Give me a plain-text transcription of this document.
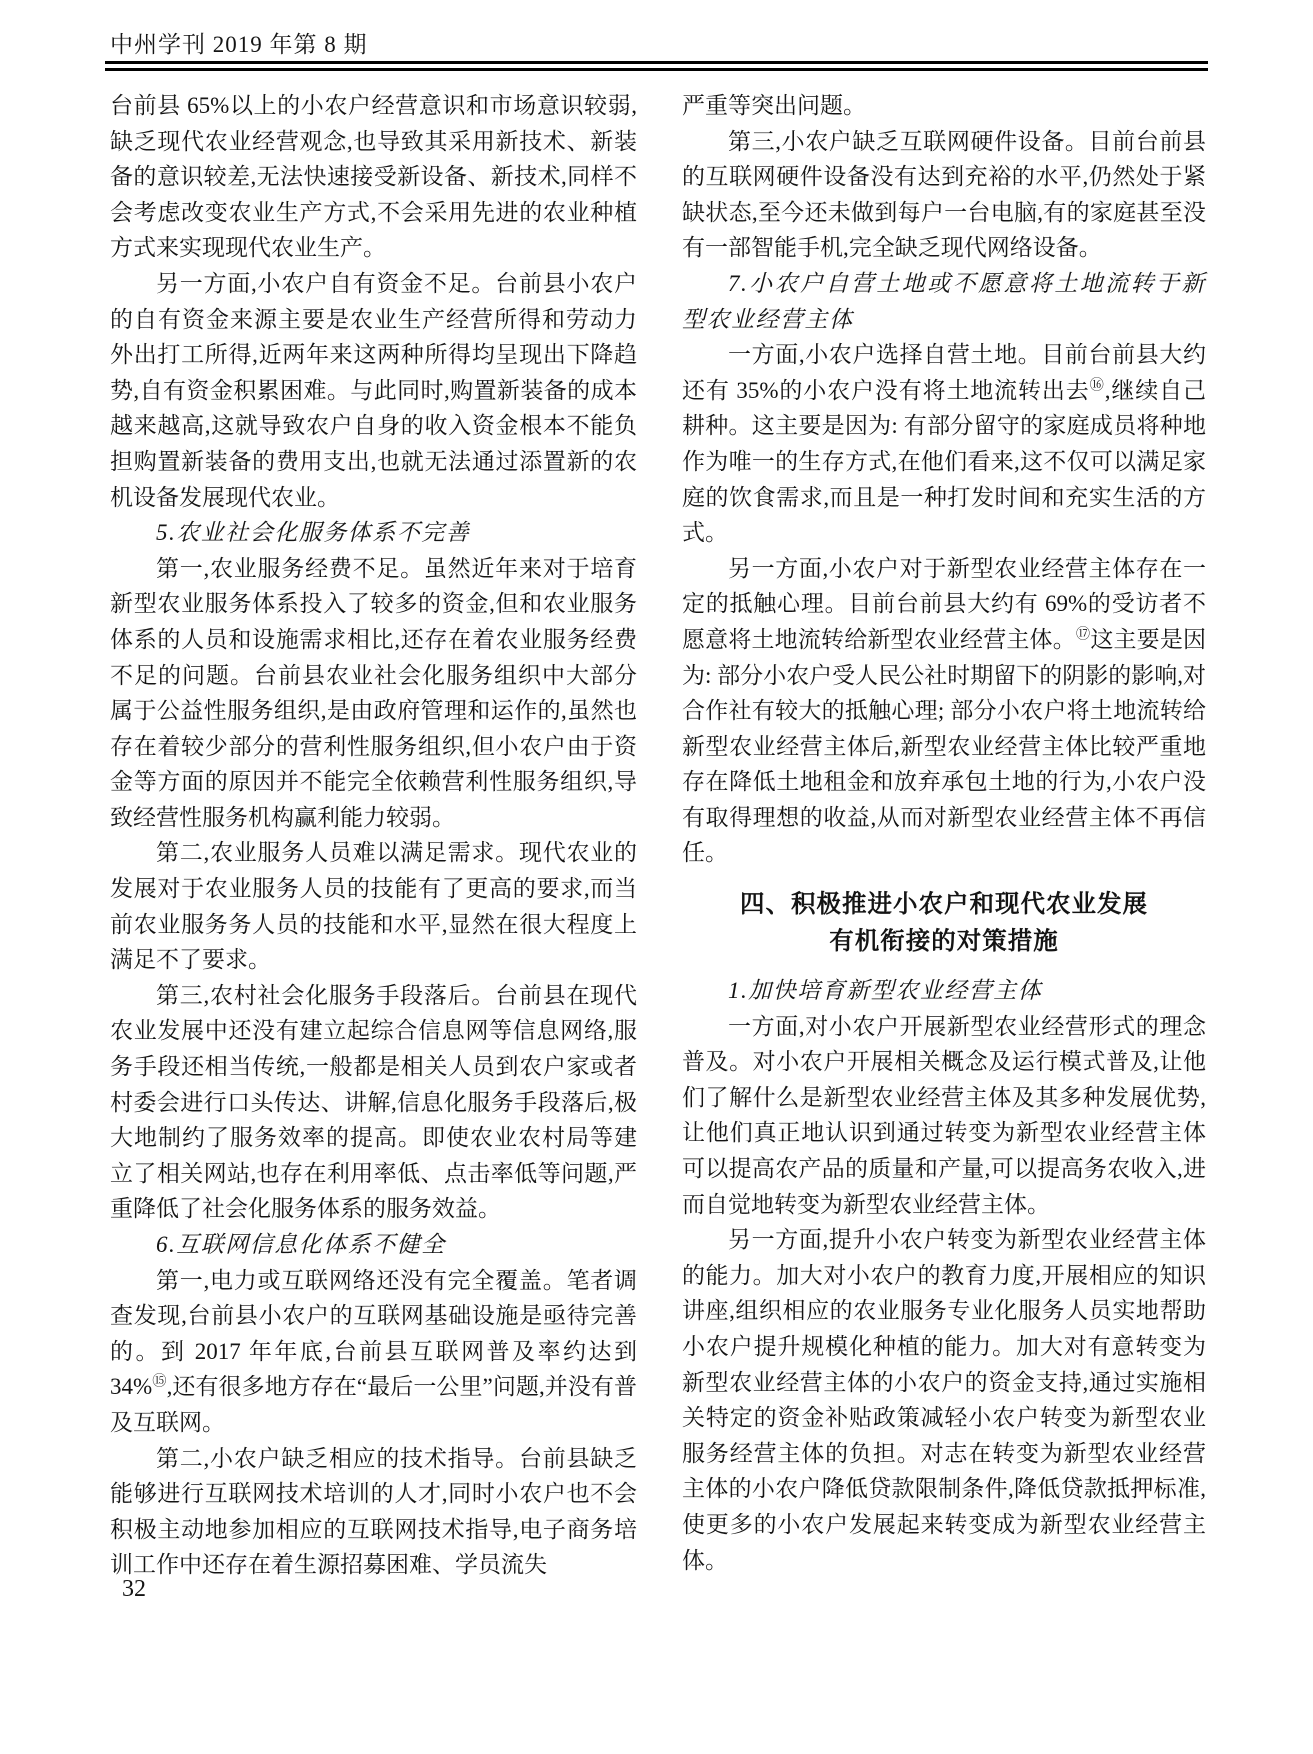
中州学刊 2019 年第 8 期

台前县 65%以上的小农户经营意识和市场意识较弱,缺乏现代农业经营观念,也导致其采用新技术、新装备的意识较差,无法快速接受新设备、新技术,同样不会考虑改变农业生产方式,不会采用先进的农业种植方式来实现现代农业生产。

另一方面,小农户自有资金不足。台前县小农户的自有资金来源主要是农业生产经营所得和劳动力外出打工所得,近两年来这两种所得均呈现出下降趋势,自有资金积累困难。与此同时,购置新装备的成本越来越高,这就导致农户自身的收入资金根本不能负担购置新装备的费用支出,也就无法通过添置新的农机设备发展现代农业。

5.农业社会化服务体系不完善

第一,农业服务经费不足。虽然近年来对于培育新型农业服务体系投入了较多的资金,但和农业服务体系的人员和设施需求相比,还存在着农业服务经费不足的问题。台前县农业社会化服务组织中大部分属于公益性服务组织,是由政府管理和运作的,虽然也存在着较少部分的营利性服务组织,但小农户由于资金等方面的原因并不能完全依赖营利性服务组织,导致经营性服务机构赢利能力较弱。

第二,农业服务人员难以满足需求。现代农业的发展对于农业服务人员的技能有了更高的要求,而当前农业服务务人员的技能和水平,显然在很大程度上满足不了要求。

第三,农村社会化服务手段落后。台前县在现代农业发展中还没有建立起综合信息网等信息网络,服务手段还相当传统,一般都是相关人员到农户家或者村委会进行口头传达、讲解,信息化服务手段落后,极大地制约了服务效率的提高。即使农业农村局等建立了相关网站,也存在利用率低、点击率低等问题,严重降低了社会化服务体系的服务效益。

6.互联网信息化体系不健全

第一,电力或互联网络还没有完全覆盖。笔者调查发现,台前县小农户的互联网基础设施是亟待完善的。到 2017 年年底,台前县互联网普及率约达到 34%⑮,还有很多地方存在“最后一公里”问题,并没有普及互联网。

第二,小农户缺乏相应的技术指导。台前县缺乏能够进行互联网技术培训的人才,同时小农户也不会积极主动地参加相应的互联网技术指导,电子商务培训工作中还存在着生源招募困难、学员流失

严重等突出问题。

第三,小农户缺乏互联网硬件设备。目前台前县的互联网硬件设备没有达到充裕的水平,仍然处于紧缺状态,至今还未做到每户一台电脑,有的家庭甚至没有一部智能手机,完全缺乏现代网络设备。

7.小农户自营土地或不愿意将土地流转于新型农业经营主体

一方面,小农户选择自营土地。目前台前县大约还有 35%的小农户没有将土地流转出去⑯,继续自己耕种。这主要是因为: 有部分留守的家庭成员将种地作为唯一的生存方式,在他们看来,这不仅可以满足家庭的饮食需求,而且是一种打发时间和充实生活的方式。

另一方面,小农户对于新型农业经营主体存在一定的抵触心理。目前台前县大约有 69%的受访者不愿意将土地流转给新型农业经营主体。⑰这主要是因为: 部分小农户受人民公社时期留下的阴影的影响,对合作社有较大的抵触心理; 部分小农户将土地流转给新型农业经营主体后,新型农业经营主体比较严重地存在降低土地租金和放弃承包土地的行为,小农户没有取得理想的收益,从而对新型农业经营主体不再信任。

四、积极推进小农户和现代农业发展
有机衔接的对策措施

1.加快培育新型农业经营主体

一方面,对小农户开展新型农业经营形式的理念普及。对小农户开展相关概念及运行模式普及,让他们了解什么是新型农业经营主体及其多种发展优势,让他们真正地认识到通过转变为新型农业经营主体可以提高农产品的质量和产量,可以提高务农收入,进而自觉地转变为新型农业经营主体。

另一方面,提升小农户转变为新型农业经营主体的能力。加大对小农户的教育力度,开展相应的知识讲座,组织相应的农业服务专业化服务人员实地帮助小农户提升规模化种植的能力。加大对有意转变为新型农业经营主体的小农户的资金支持,通过实施相关特定的资金补贴政策减轻小农户转变为新型农业服务经营主体的负担。对志在转变为新型农业经营主体的小农户降低贷款限制条件,降低贷款抵押标准,使更多的小农户发展起来转变成为新型农业经营主体。

32
